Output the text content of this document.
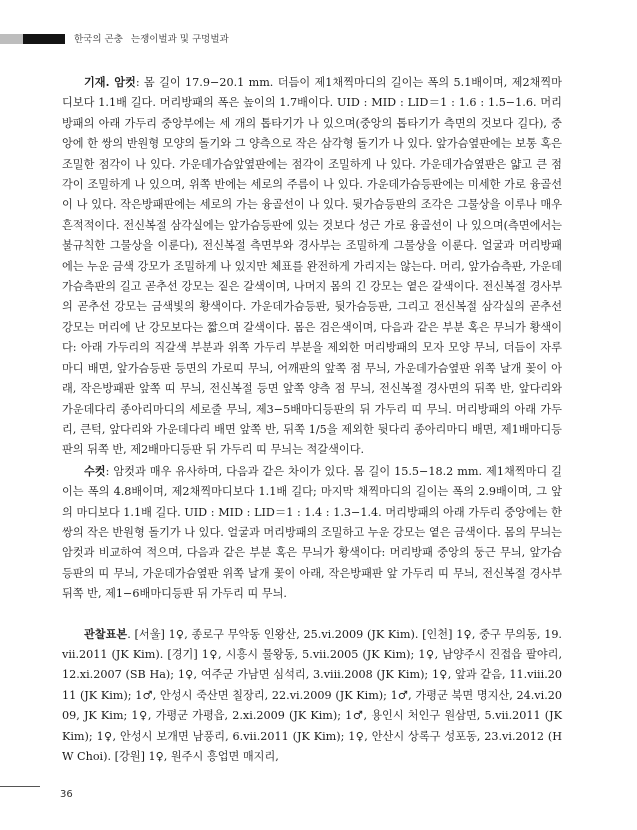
한국의 곤충 는쟁이벌과 및 구멍벌과

기재. 암컷: 몸 길이 17.9−20.1 mm. 더듬이 제1채찍마디의 길이는 폭의 5.1배이며, 제2채찍마디보다 1.1배 길다. 머리방패의 폭은 높이의 1.7배이다. UID : MID : LID＝1 : 1.6 : 1.5−1.6. 머리방패의 아래 가두리 중앙부에는 세 개의 톱타기가 나 있으며(중앙의 톱타기가 측면의 것보다 길다), 중앙에 한 쌍의 반원형 모양의 돌기와 그 양측으로 작은 삼각형 돌기가 나 있다. 앞가슴옆판에는 보통 혹은 조밀한 점각이 나 있다. 가운데가슴앞옆판에는 점각이 조밀하게 나 있다. 가운데가슴옆판은 얇고 큰 점각이 조밀하게 나 있으며, 위쪽 반에는 세로의 주름이 나 있다. 가운데가슴등판에는 미세한 가로 융골선이 나 있다. 작은방패판에는 세로의 가는 융골선이 나 있다. 뒷가슴등판의 조각은 그물상을 이루나 매우 흔적적이다. 전신복절 삼각실에는 앞가슴등판에 있는 것보다 성근 가로 융골선이 나 있으며(측면에서는 불규칙한 그물상을 이룬다), 전신복절 측면부와 경사부는 조밀하게 그물상을 이룬다. 얼굴과 머리방패에는 누운 금색 강모가 조밀하게 나 있지만 체표를 완전하게 가리지는 않는다. 머리, 앞가슴측판, 가운데가슴측판의 길고 곧추선 강모는 짙은 갈색이며, 나머지 몸의 긴 강모는 옅은 갈색이다. 전신복절 경사부의 곧추선 강모는 금색빛의 황색이다. 가운데가슴등판, 뒷가슴등판, 그리고 전신복절 삼각실의 곧추선 강모는 머리에 난 강모보다는 짧으며 갈색이다. 몸은 검은색이며, 다음과 같은 부분 혹은 무늬가 황색이다: 아래 가두리의 직갈색 부분과 위쪽 가두리 부분을 제외한 머리방패의 모자 모양 무늬, 더듬이 자루마디 배면, 앞가슴등판 등면의 가로띠 무늬, 어깨판의 앞쪽 점 무늬, 가운데가슴옆판 위쪽 날개 꽃이 아래, 작은방패판 앞쪽 띠 무늬, 전신복절 등면 앞쪽 양측 점 무늬, 전신복절 경사면의 뒤쪽 반, 앞다리와 가운데다리 종아리마디의 세로줄 무늬, 제3−5배마디등판의 뒤 가두리 띠 무늬. 머리방패의 아래 가두리, 큰턱, 앞다리와 가운데다리 배면 앞쪽 반, 뒤쪽 1/5을 제외한 뒷다리 종아리마디 배면, 제1배마디등판의 뒤쪽 반, 제2배마디등판 뒤 가두리 띠 무늬는 적갈색이다.

수컷: 암컷과 매우 유사하며, 다음과 같은 차이가 있다. 몸 길이 15.5−18.2 mm. 제1채찍마디 길이는 폭의 4.8배이며, 제2채찍마디보다 1.1배 길다; 마지막 채찍마디의 길이는 폭의 2.9배이며, 그 앞의 마디보다 1.1배 길다. UID : MID : LID＝1 : 1.4 : 1.3−1.4. 머리방패의 아래 가두리 중앙에는 한 쌍의 작은 반원형 돌기가 나 있다. 얼굴과 머리방패의 조밀하고 누운 강모는 옅은 금색이다. 몸의 무늬는 암컷과 비교하여 적으며, 다음과 같은 부분 혹은 무늬가 황색이다: 머리방패 중앙의 둥근 무늬, 앞가슴등판의 띠 무늬, 가운데가슴옆판 위쪽 날개 꽃이 아래, 작은방패판 앞 가두리 띠 무늬, 전신복절 경사부 뒤쪽 반, 제1−6배마디등판 뒤 가두리 띠 무늬.

관찰표본. [서울] 1♀, 종로구 무악동 인왕산, 25.vi.2009 (JK Kim). [인천] 1♀, 중구 무의동, 19.vii.2011 (JK Kim). [경기] 1♀, 시흥시 물왕동, 5.vii.2005 (JK Kim); 1♀, 남양주시 진접읍 팔야리, 12.xi.2007 (SB Ha); 1♀, 여주군 가남면 심석리, 3.viii.2008 (JK Kim); 1♀, 앞과 같음, 11.viii.2011 (JK Kim); 1♂, 안성시 죽산면 칠장리, 22.vi.2009 (JK Kim); 1♂, 가평군 북면 명지산, 24.vi.2009, JK Kim; 1♀, 가평군 가평읍, 2.xi.2009 (JK Kim); 1♂, 용인시 처인구 원삼면, 5.vii.2011 (JK Kim); 1♀, 안성시 보개면 남풍리, 6.vii.2011 (JK Kim); 1♀, 안산시 상록구 성포동, 23.vi.2012 (HW Choi). [강원] 1♀, 원주시 흥업면 매지리,

36
